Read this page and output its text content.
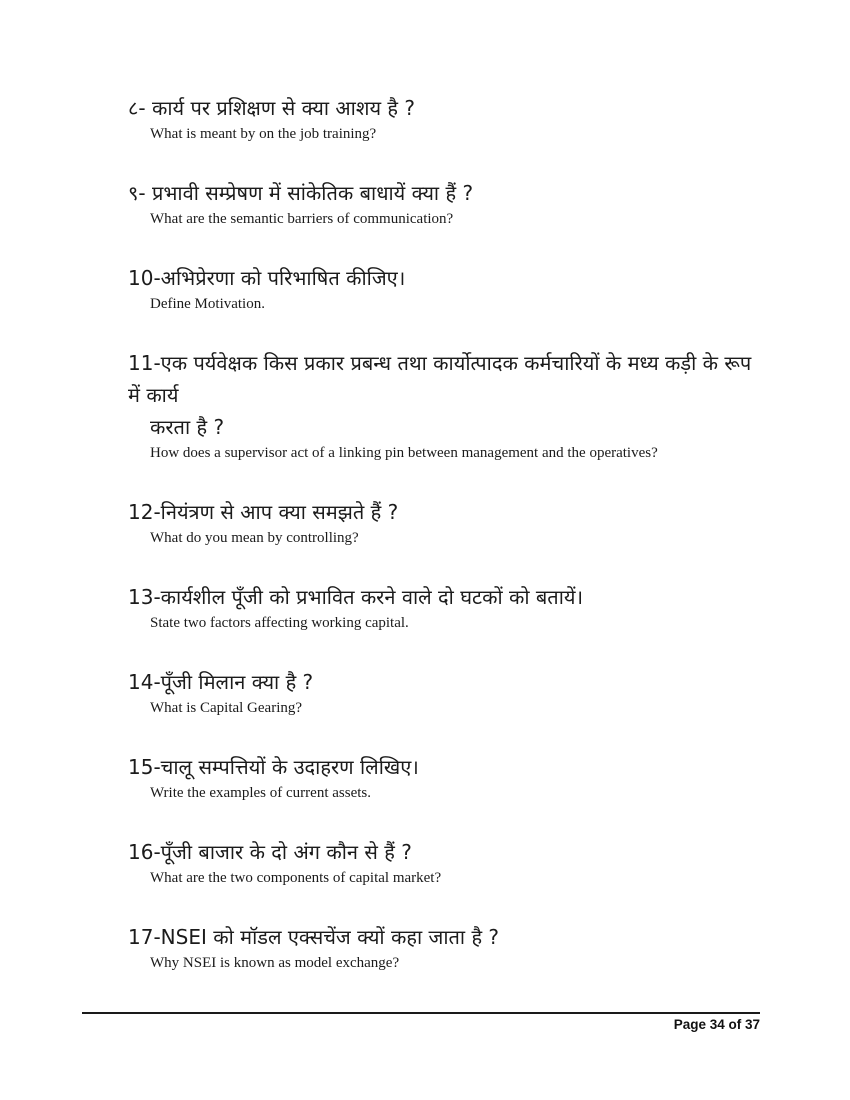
८- कार्य पर प्रशिक्षण से क्या आशय है ?
What is meant by on the job training?
९- प्रभावी सम्प्रेषण में सांकेतिक बाधायें क्या हैं ?
What are the semantic barriers of communication?
10-अभिप्रेरणा को परिभाषित कीजिए।
Define Motivation.
11-एक पर्यवेक्षक किस प्रकार प्रबन्ध तथा कार्योत्पादक कर्मचारियों के मध्य कड़ी के रूप में कार्य
करता है ?
How does a supervisor act of a linking pin between management and the operatives?
12-नियंत्रण से आप क्या समझते हैं ?
What do you mean by controlling?
13-कार्यशील पूँजी को प्रभावित करने वाले दो घटकों को बतायें।
State two factors affecting working capital.
14-पूँजी मिलान क्या है ?
What is Capital Gearing?
15-चालू सम्पत्तियों के उदाहरण लिखिए।
Write the examples of current assets.
16-पूँजी बाजार के दो अंग कौन से हैं ?
What are the two components of capital market?
17-NSEI को मॉडल एक्सचेंज क्यों कहा जाता है ?
Why NSEI is known as model exchange?
Page 34 of 37
